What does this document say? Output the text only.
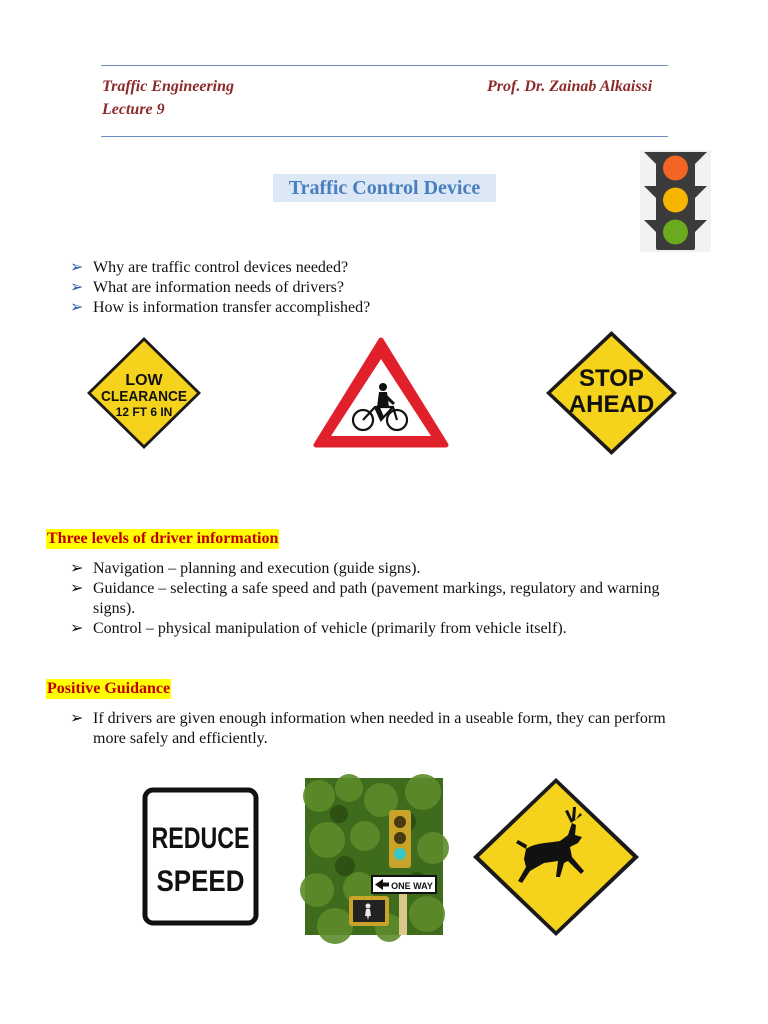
Traffic Engineering
Lecture 9
Prof. Dr. Zainab Alkaissi
Traffic Control Device
➢ Why are traffic control devices needed?
➢ What are information needs of drivers?
➢ How is information transfer accomplished?
LOW
CLEARANCE
12 FT 6 IN
STOP
AHEAD
Three levels of driver information
➢ Navigation – planning and execution (guide signs).
➢ Guidance – selecting a safe speed and path (pavement markings, regulatory and warning signs).
➢ Control – physical manipulation of vehicle (primarily from vehicle itself).
Positive Guidance
➢ If drivers are given enough information when needed in a useable form, they can perform more safely and efficiently.
REDUCE
SPEED	ONE WAY
